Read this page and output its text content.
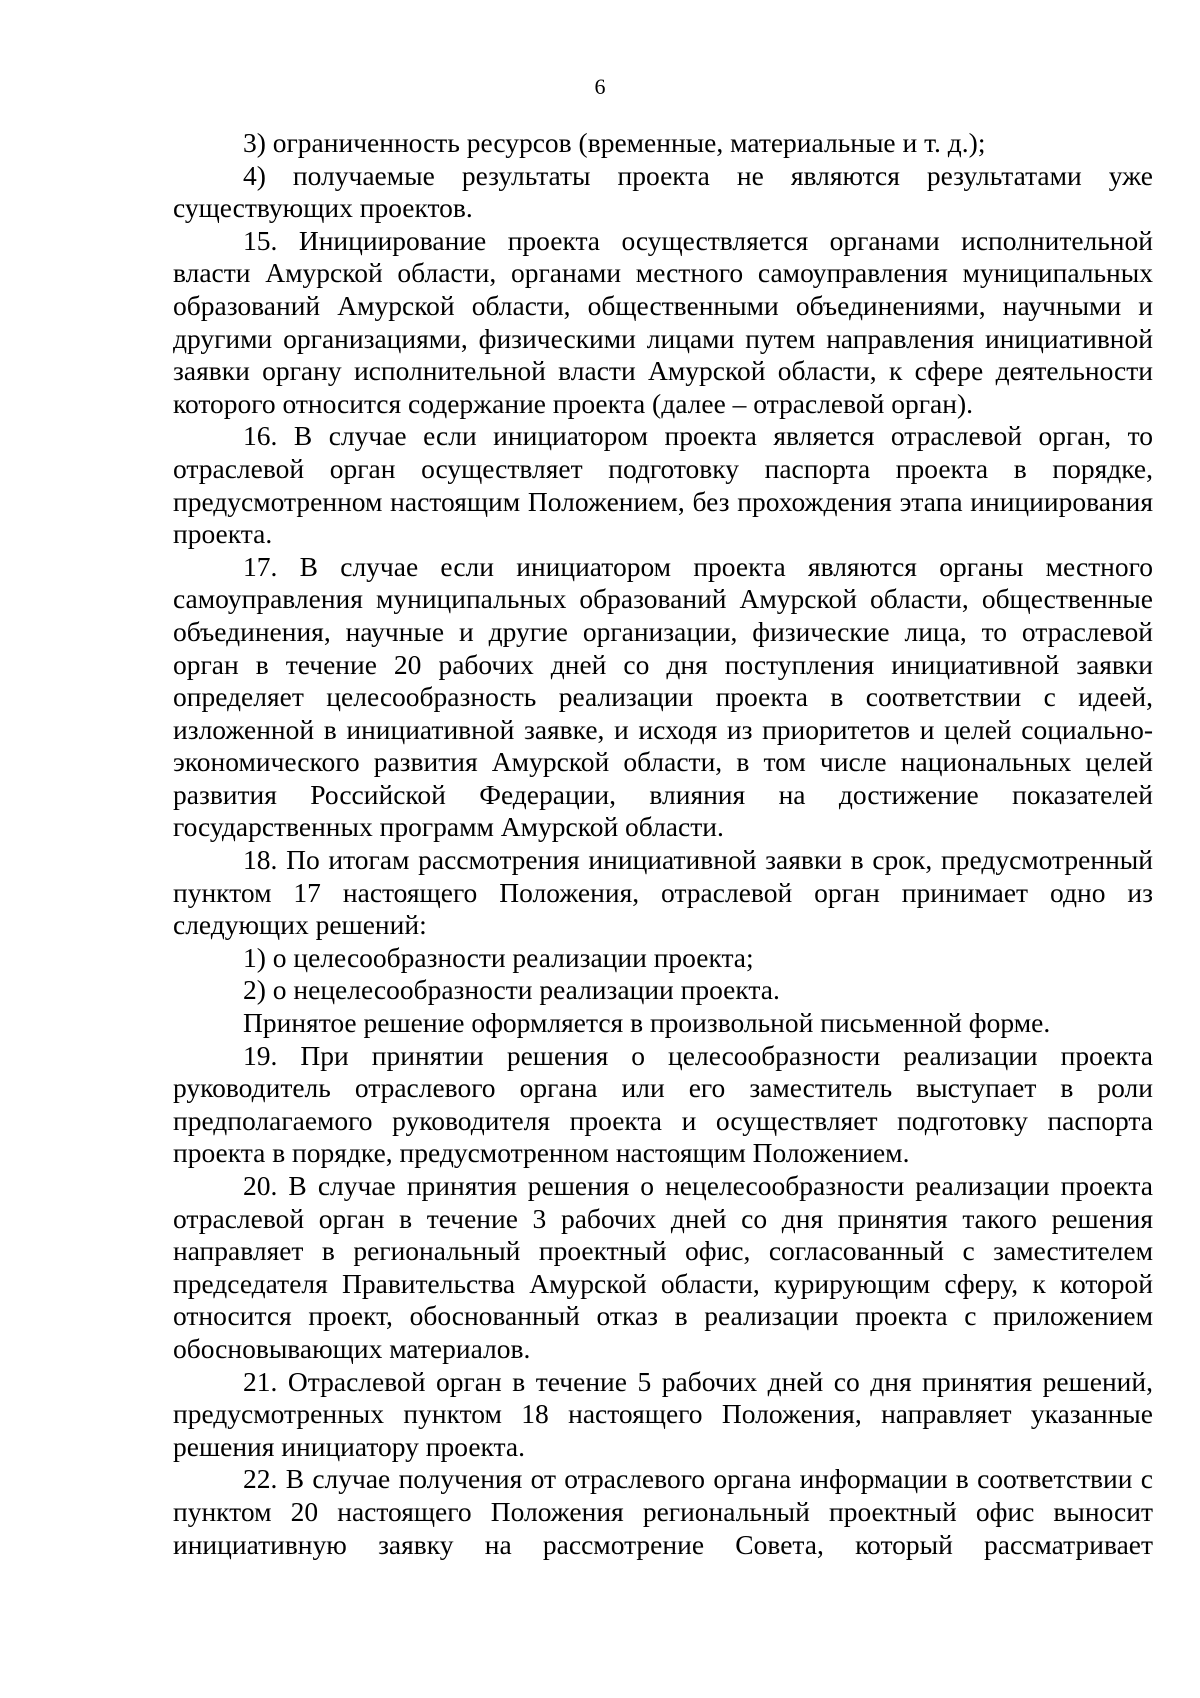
6

3) ограниченность ресурсов (временные, материальные и т. д.);

4) получаемые результаты проекта не являются результатами уже существующих проектов.

15. Инициирование проекта осуществляется органами исполнительной власти Амурской области, органами местного самоуправления муниципальных образований Амурской области, общественными объединениями, научными и другими организациями, физическими лицами путем направления инициативной заявки органу исполнительной власти Амурской области, к сфере деятельности которого относится содержание проекта (далее – отраслевой орган).

16. В случае если инициатором проекта является отраслевой орган, то отраслевой орган осуществляет подготовку паспорта проекта в порядке, предусмотренном настоящим Положением, без прохождения этапа инициирования проекта.

17. В случае если инициатором проекта являются органы местного самоуправления муниципальных образований Амурской области, общественные объединения, научные и другие организации, физические лица, то отраслевой орган в течение 20 рабочих дней со дня поступления инициативной заявки определяет целесообразность реализации проекта в соответствии с идеей, изложенной в инициативной заявке, и исходя из приоритетов и целей социально-экономического развития Амурской области, в том числе национальных целей развития Российской Федерации, влияния на достижение показателей государственных программ Амурской области.

18. По итогам рассмотрения инициативной заявки в срок, предусмотренный пунктом 17 настоящего Положения, отраслевой орган принимает одно из следующих решений:

1) о целесообразности реализации проекта;

2) о нецелесообразности реализации проекта.

Принятое решение оформляется в произвольной письменной форме.

19. При принятии решения о целесообразности реализации проекта руководитель отраслевого органа или его заместитель выступает в роли предполагаемого руководителя проекта и осуществляет подготовку паспорта проекта в порядке, предусмотренном настоящим Положением.

20. В случае принятия решения о нецелесообразности реализации проекта отраслевой орган в течение 3 рабочих дней со дня принятия такого решения направляет в региональный проектный офис, согласованный с заместителем председателя Правительства Амурской области, курирующим сферу, к которой относится проект, обоснованный отказ в реализации проекта с приложением обосновывающих материалов.

21. Отраслевой орган в течение 5 рабочих дней со дня принятия решений, предусмотренных пунктом 18 настоящего Положения, направляет указанные решения инициатору проекта.

22. В случае получения от отраслевого органа информации в соответствии с пунктом 20 настоящего Положения региональный проектный офис выносит инициативную заявку на рассмотрение Совета, который рассматривает
